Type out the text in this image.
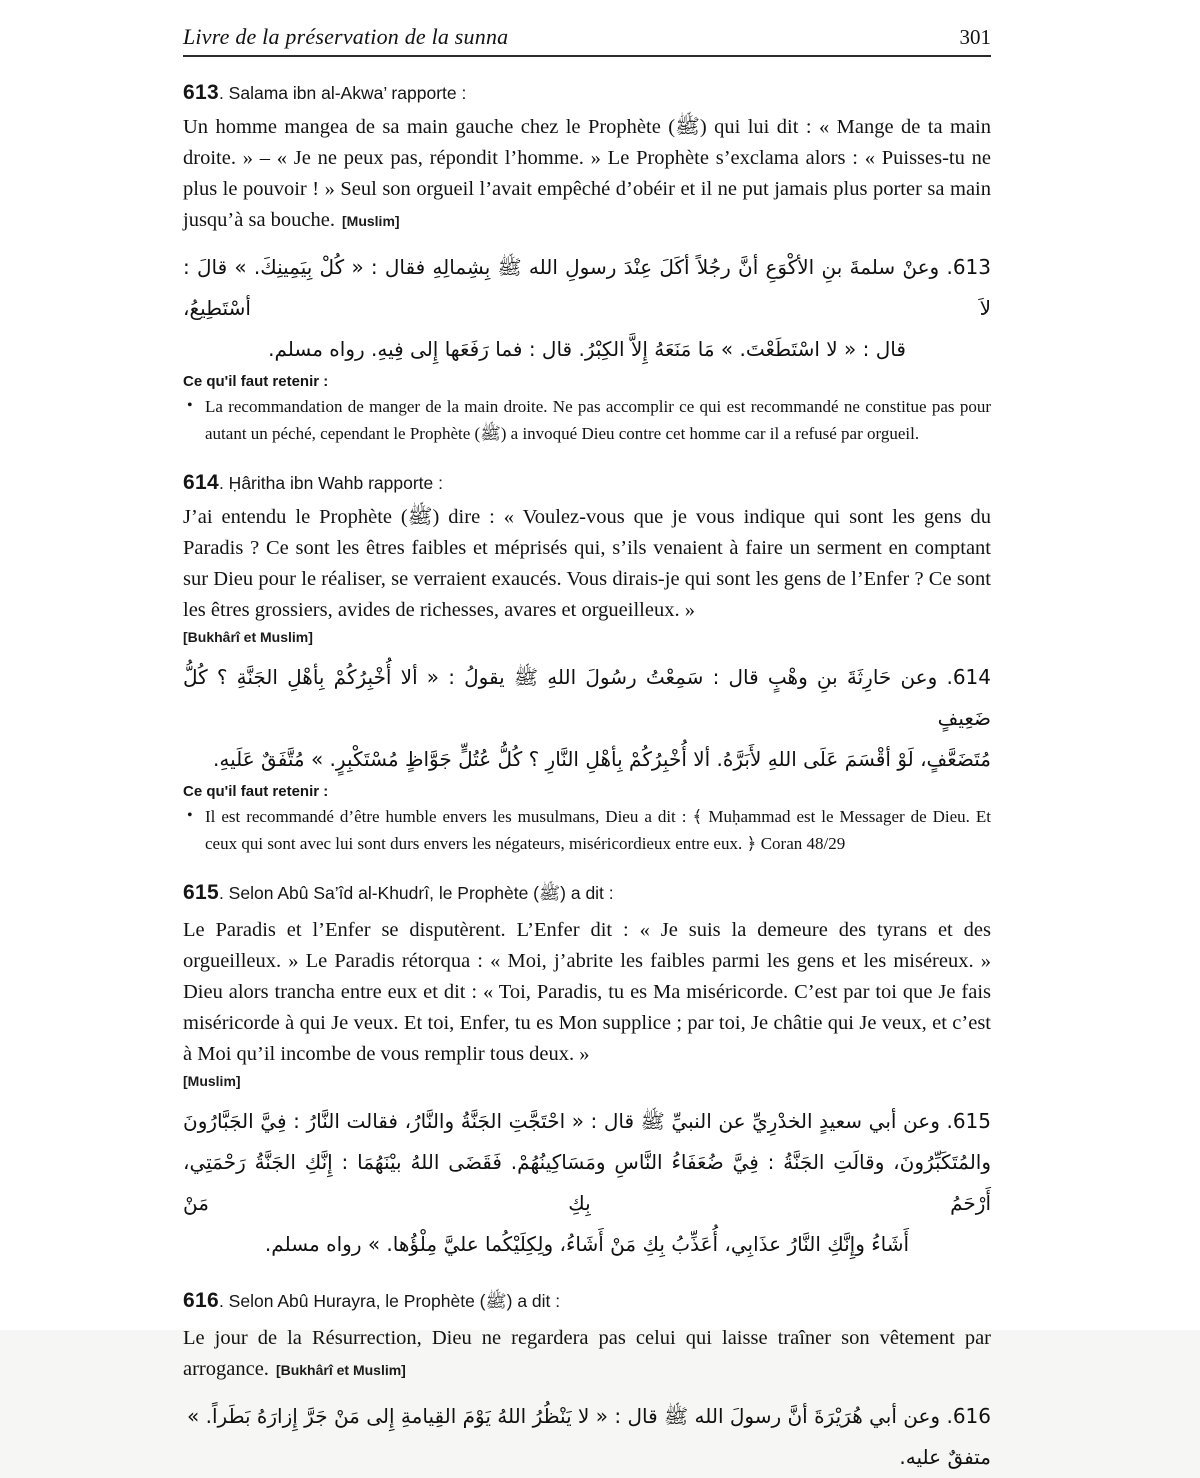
Livre de la préservation de la sunna	301
613. Salama ibn al-Akwa’ rapporte :

Un homme mangea de sa main gauche chez le Prophète (ﷺ) qui lui dit : « Mange de ta main droite. » – « Je ne peux pas, répondit l’homme. » Le Prophète s’exclama alors : « Puisses-tu ne plus le pouvoir ! » Seul son orgueil l’avait empêché d’obéir et il ne put jamais plus porter sa main jusqu’à sa bouche. [Muslim]

613. وعنْ سلمةَ بنِ الأكْوَعِ أنَّ رجُلاً أكَلَ عِنْدَ رسولِ الله ﷺ بِشِمالِهِ فقال : « كُلْ بِيَمِينِكَ. » قالَ : لاَ أسْتَطِيعُ،
قال : « لا اسْتَطَعْتَ. » مَا مَنَعَهُ إِلاَّ الكِبْرُ. قال : فما رَفَعَها إِلى فِيهِ. رواه مسلم.
Ce qu'il faut retenir :
• La recommandation de manger de la main droite. Ne pas accomplir ce qui est recommandé ne constitue pas pour autant un péché, cependant le Prophète (ﷺ) a invoqué Dieu contre cet homme car il a refusé par orgueil.
614. Ḥâritha ibn Wahb rapporte :

J’ai entendu le Prophète (ﷺ) dire : « Voulez-vous que je vous indique qui sont les gens du Paradis ? Ce sont les êtres faibles et méprisés qui, s’ils venaient à faire un serment en comptant sur Dieu pour le réaliser, se verraient exaucés. Vous dirais-je qui sont les gens de l’Enfer ? Ce sont les êtres grossiers, avides de richesses, avares et orgueilleux. »

[Bukhârî et Muslim]

614. وعن حَارِثَةَ بنِ وهْبٍ قال : سَمِعْتُ رسُولَ اللهِ ﷺ يقولُ : « ألا أُخْبِرُكُمْ بِأهْلِ الجَنَّةِ ؟ كُلُّ ضَعِيفٍ
مُتَضَعَّفٍ، لَوْ أقْسَمَ عَلَى اللهِ لأَبَرَّهُ. ألا أُخْبِرُكُمْ بِأهْلِ النَّارِ ؟ كُلُّ عُتُلٍّ جَوَّاظٍ مُسْتَكْبِرٍ. » مُتَّفَقٌ عَلَيهِ.
Ce qu'il faut retenir :
• Il est recommandé d’être humble envers les musulmans, Dieu a dit : ﴾ Muḥammad est le Messager de Dieu. Et ceux qui sont avec lui sont durs envers les négateurs, miséricordieux entre eux. ﴿ Coran 48/29
615. Selon Abû Sa’îd al-Khudrî, le Prophète (ﷺ) a dit :

Le Paradis et l’Enfer se disputèrent. L’Enfer dit : « Je suis la demeure des tyrans et des orgueilleux. » Le Paradis rétorqua : « Moi, j’abrite les faibles parmi les gens et les miséreux. » Dieu alors trancha entre eux et dit : « Toi, Paradis, tu es Ma miséricorde. C’est par toi que Je fais miséricorde à qui Je veux. Et toi, Enfer, tu es Mon supplice ; par toi, Je châtie qui Je veux, et c’est à Moi qu’il incombe de vous remplir tous deux. »

[Muslim]

615. وعن أبي سعيدٍ الخدْرِيِّ عن النبيِّ ﷺ قال : « احْتَجَّتِ الجَنَّةُ والنَّارُ، فقالت النَّارُ : فِيَّ الجَبَّارُونَ
والمُتَكَبِّرُونَ، وقالَتِ الجَنَّةُ : فِيَّ ضُعَفَاءُ النَّاسِ ومَسَاكِينُهُمْ. فَقَضَى اللهُ بيْنَهُمَا : إِنَّكِ الجَنَّةُ رَحْمَتِي، أَرْحَمُ بِكِ مَنْ
أَشَاءُ وإِنَّكِ النَّارُ عذَابِي، أُعَذِّبُ بِكِ مَنْ أَشَاءُ، ولِكِلَيْكُما عليَّ مِلْؤُها. » رواه مسلم.
616. Selon Abû Hurayra, le Prophète (ﷺ) a dit :

Le jour de la Résurrection, Dieu ne regardera pas celui qui laisse traîner son vêtement par arrogance. [Bukhârî et Muslim]

616. وعن أبي هُرَيْرَةَ أنَّ رسولَ الله ﷺ قال : « لا يَنْظُرُ اللهُ يَوْمَ القِيامةِ إِلى مَنْ جَرَّ إِزارَهُ بَطَراً. » متفقٌ عليه.
